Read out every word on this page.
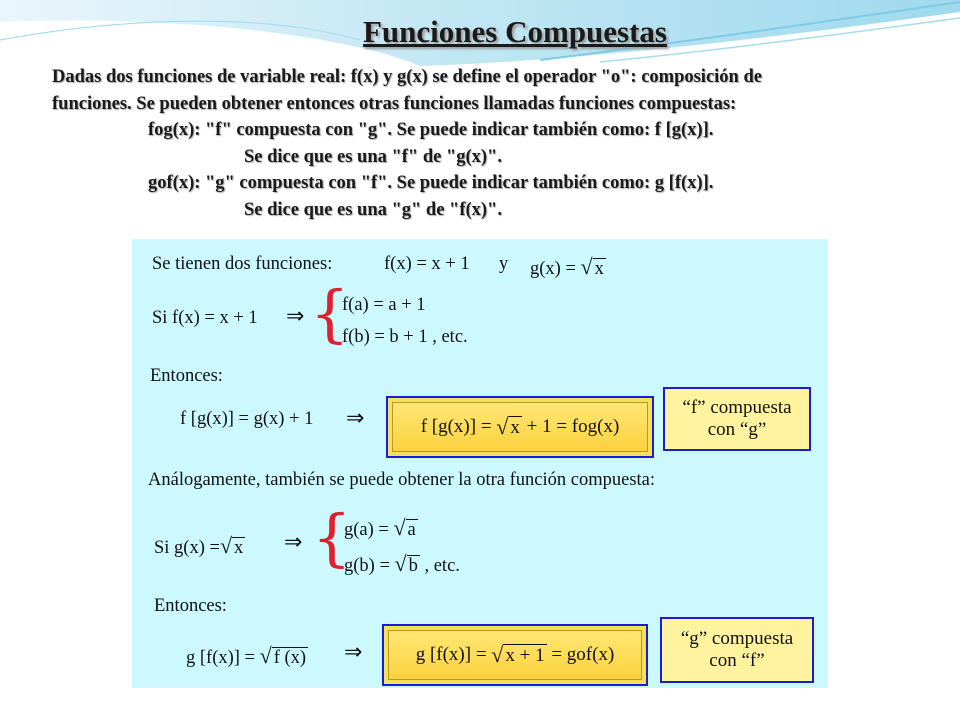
Funciones Compuestas
Dadas dos funciones de variable real: f(x) y g(x) se define el operador "o": composición de
funciones. Se pueden obtener entonces otras funciones llamadas funciones compuestas:
fog(x): "f" compuesta con "g". Se puede indicar también como: f [g(x)].
Se dice que es una "f" de "g(x)".
gof(x): "g" compuesta con "f". Se puede indicar también como: g [f(x)].
Se dice que es una "g" de "f(x)".
Se tienen dos funciones:	f(x) = x + 1 y g(x) = √ x
Si f(x) = x + 1 ⇒ {
f(a) = a + 1
f(b) = b + 1 , etc.
Entonces:
f [g(x)] = g(x) + 1 ⇒	f [g(x)] =
√ x
+ 1 = fog(x)
“f” compuesta
con “g”
Análogamente, también se puede obtener la otra función compuesta:
Si g(x) =√ x ⇒ {
g(a) = √ a
g(b) = √ b , etc.
Entonces:
g [f(x)] = √ f (x) ⇒	g [f(x)] =
√ x + 1
= gof(x)
“g” compuesta
con “f”
